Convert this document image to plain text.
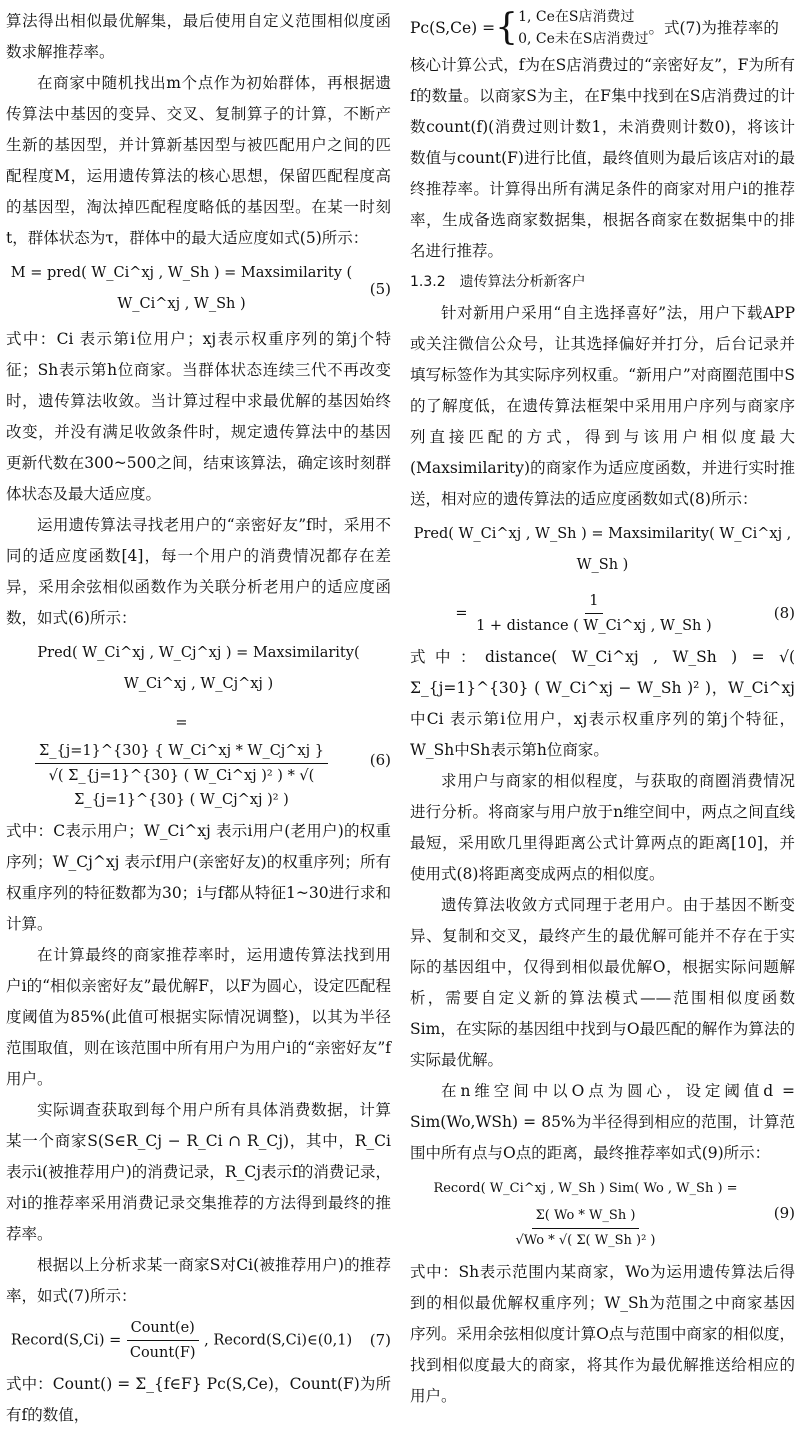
算法得出相似最优解集，最后使用自定义范围相似度函数求解推荐率。

在商家中随机找出m个点作为初始群体，再根据遗传算法中基因的变异、交叉、复制算子的计算，不断产生新的基因型，并计算新基因型与被匹配用户之间的匹配程度M，运用遗传算法的核心思想，保留匹配程度高的基因型，淘汰掉匹配程度略低的基因型。在某一时刻t，群体状态为τ，群体中的最大适应度如式(5)所示：

M = pred( W_Ci^xj , W_Sh ) = Maxsimilarity ( W_Ci^xj , W_Sh )
(5)

式中：Ci 表示第i位用户；xj表示权重序列的第j个特征；Sh表示第h位商家。当群体状态连续三代不再改变时，遗传算法收敛。当计算过程中求最优解的基因始终改变，并没有满足收敛条件时，规定遗传算法中的基因更新代数在300~500之间，结束该算法，确定该时刻群体状态及最大适应度。

运用遗传算法寻找老用户的“亲密好友”f时，采用不同的适应度函数[4]，每一个用户的消费情况都存在差异，采用余弦相似函数作为关联分析老用户的适应度函数，如式(6)所示：

Pred( W_Ci^xj , W_Cj^xj ) = Maxsimilarity( W_Ci^xj , W_Cj^xj )
=
Σ_{j=1}^{30} { W_Ci^xj * W_Cj^xj }
√( Σ_{j=1}^{30} ( W_Ci^xj )² ) * √( Σ_{j=1}^{30} ( W_Cj^xj )² )
(6)

式中：C表示用户；W_Ci^xj 表示i用户(老用户)的权重序列；W_Cj^xj 表示f用户(亲密好友)的权重序列；所有权重序列的特征数都为30；i与f都从特征1~30进行求和计算。

在计算最终的商家推荐率时，运用遗传算法找到用户i的“相似亲密好友”最优解F，以F为圆心，设定匹配程度阈值为85%(此值可根据实际情况调整)，以其为半径范围取值，则在该范围中所有用户为用户i的“亲密好友”f用户。

实际调查获取到每个用户所有具体消费数据，计算某一个商家S(S∈R_Cj − R_Ci ∩ R_Cj)，其中，R_Ci表示i(被推荐用户)的消费记录，R_Cj表示f的消费记录，对i的推荐率采用消费记录交集推荐的方法得到最终的推荐率。

根据以上分析求某一商家S对Ci(被推荐用户)的推荐率，如式(7)所示：

Record(S,Ci) = $\frac{\text{Count(e)}}{\text{Count(F)}}$ , Record(S,Ci)∈(0,1)	(7)

式中：Count() = Σ_{f∈F} Pc(S,Ce)，Count(F)为所有f的数值，

Pc(S,Ce) = { 1, Ce在S店消费过
0, Ce未在S店消费过
。式(7)为推荐率的

核心计算公式，f为在S店消费过的“亲密好友”，F为所有f的数量。以商家S为主，在F集中找到在S店消费过的计数count(f)(消费过则计数1，未消费则计数0)，将该计数值与count(F)进行比值，最终值则为最后该店对i的最终推荐率。计算得出所有满足条件的商家对用户i的推荐率，生成备选商家数据集，根据各商家在数据集中的排名进行推荐。

1.3.2　遗传算法分析新客户

针对新用户采用“自主选择喜好”法，用户下载APP或关注微信公众号，让其选择偏好并打分，后台记录并填写标签作为其实际序列权重。“新用户”对商圈范围中S的了解度低，在遗传算法框架中采用用户序列与商家序列直接匹配的方式，得到与该用户相似度最大(Maxsimilarity)的商家作为适应度函数，并进行实时推送，相对应的遗传算法的适应度函数如式(8)所示：

Pred( W_Ci^xj , W_Sh ) = Maxsimilarity( W_Ci^xj , W_Sh )
= $\frac{1}{\text{1 + distance ( W\_Ci\textasciicircum{}xj , W\_Sh )}}$	(8)

式中：distance( W_Ci^xj , W_Sh ) = √( Σ_{j=1}^{30} ( W_Ci^xj − W_Sh )² )，W_Ci^xj 中Ci 表示第i位用户，xj表示权重序列的第j个特征，W_Sh中Sh表示第h位商家。

求用户与商家的相似程度，与获取的商圈消费情况进行分析。将商家与用户放于n维空间中，两点之间直线最短，采用欧几里得距离公式计算两点的距离[10]，并使用式(8)将距离变成两点的相似度。

遗传算法收敛方式同理于老用户。由于基因不断变异、复制和交叉，最终产生的最优解可能并不存在于实际的基因组中，仅得到相似最优解O，根据实际问题解析，需要自定义新的算法模式——范围相似度函数Sim，在实际的基因组中找到与O最匹配的解作为算法的实际最优解。

在n维空间中以O点为圆心，设定阈值d = Sim(Wo,WSh) = 85%为半径得到相应的范围，计算范围中所有点与O点的距离，最终推荐率如式(9)所示：

Record( W_Ci^xj , W_Sh ) Sim( Wo , W_Sh ) =
$\frac{\Sigma( Wo * W\_Sh )}{\text{√Wo * √( Σ( W\_Sh )² )}}$	(9)

式中：Sh表示范围内某商家，Wo为运用遗传算法后得到的相似最优解权重序列；W_Sh为范围之中商家基因序列。采用余弦相似度计算O点与范围中商家的相似度，找到相似度最大的商家，将其作为最优解推送给相应的用户。
